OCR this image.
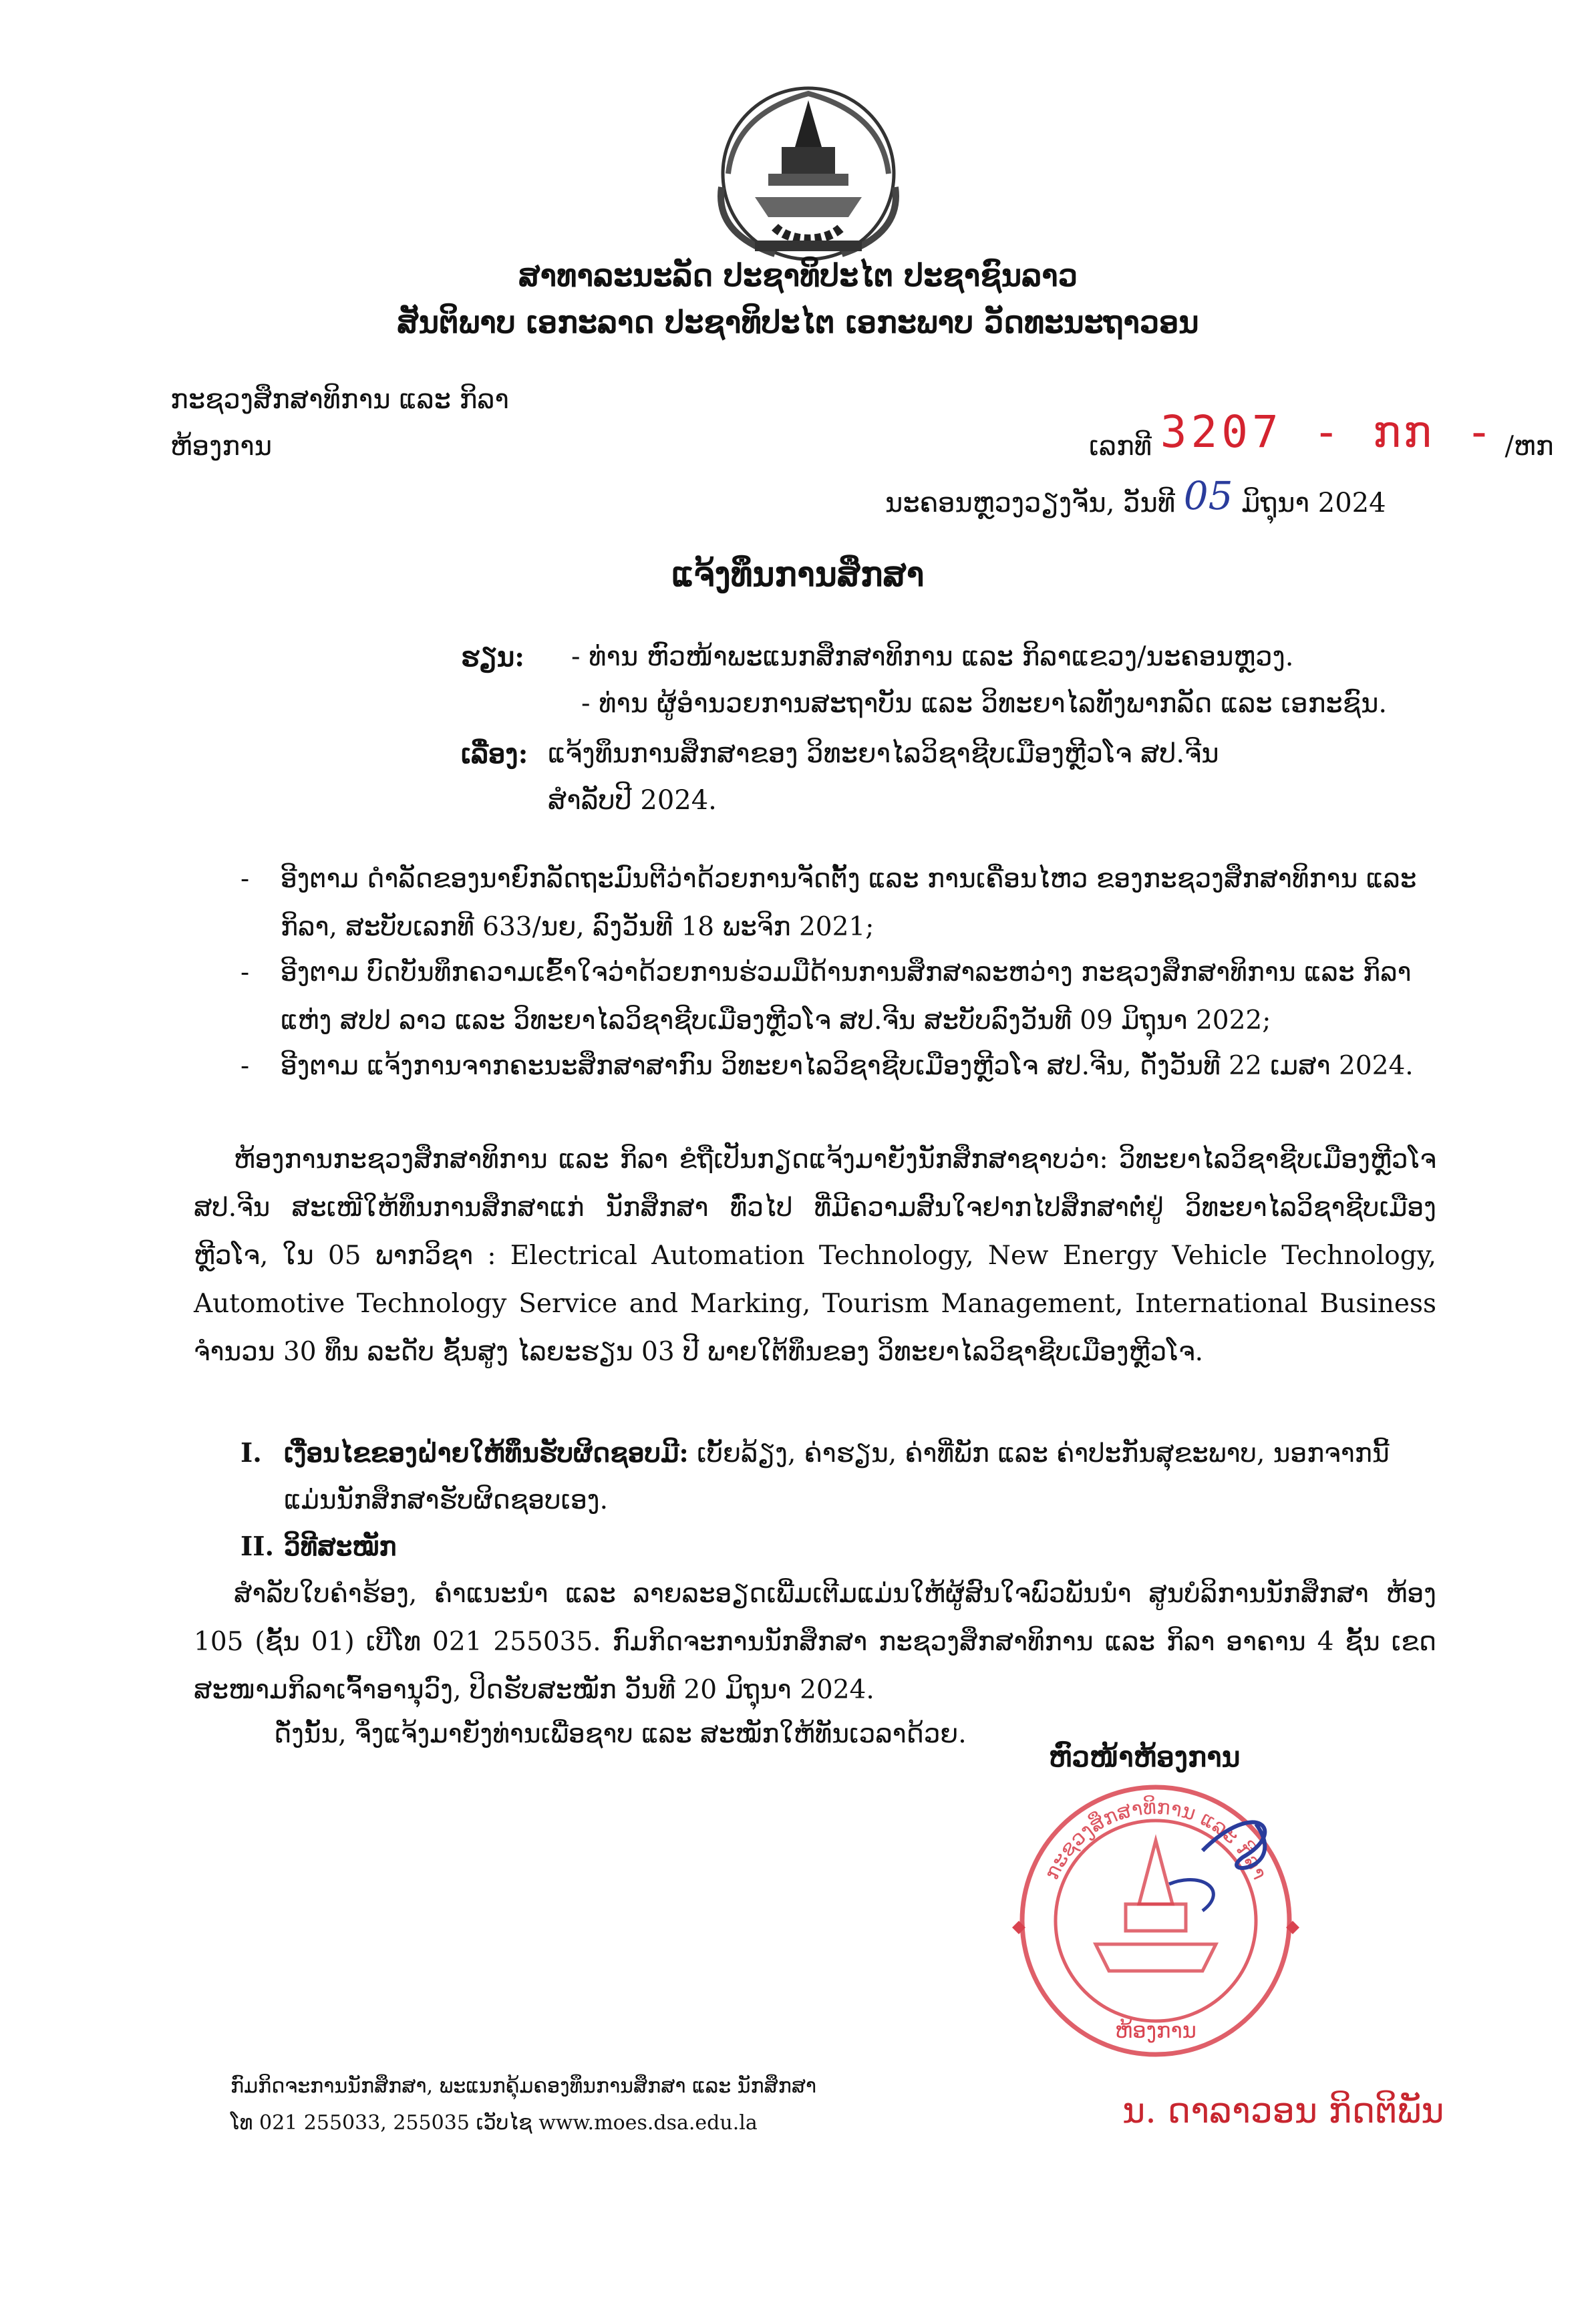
ສາທາລະນະລັດ ປະຊາທິປະໄຕ ປະຊາຊົນລາວ
ສັນຕິພາບ ເອກະລາດ ປະຊາທິປະໄຕ ເອກະພາບ ວັດທະນະຖາວອນ
ກະຊວງສຶກສາທິການ ແລະ ກິລາ
ຫ້ອງການ	ເລກທີ 3207 - ກກ - /ຫກ
ນະຄອນຫຼວງວຽງຈັນ, ວັນທີ 05 ມິຖຸນາ 2024
ແຈ້ງທຶນການສຶກສາ
ຮຽນ: - ທ່ານ ຫົວໜ້າພະແນກສຶກສາທິການ ແລະ ກິລາແຂວງ/ນະຄອນຫຼວງ.
- ທ່ານ ຜູ້ອຳນວຍການສະຖາບັນ ແລະ ວິທະຍາໄລທັງພາກລັດ ແລະ ເອກະຊົນ.
ເລື່ອງ: ແຈ້ງທຶນການສຶກສາຂອງ ວິທະຍາໄລວິຊາຊີບເມືອງຫຼີວໂຈ ສປ.ຈີນ
ສຳລັບປີ 2024.
-	ອີງຕາມ ດຳລັດຂອງນາຍົກລັດຖະມົນຕີວ່າດ້ວຍການຈັດຕັ້ງ ແລະ ການເຄື່ອນໄຫວ ຂອງກະຊວງສຶກສາທິການ ແລະ ກິລາ, ສະບັບເລກທີ 633/ນຍ, ລົງວັນທີ 18 ພະຈິກ 2021;
-	ອີງຕາມ ບົດບັນທຶກຄວາມເຂົ້າໃຈວ່າດ້ວຍການຮ່ວມມືດ້ານການສຶກສາລະຫວ່າງ ກະຊວງສຶກສາທິການ ແລະ ກິລາ ແຫ່ງ ສປປ ລາວ ແລະ ວິທະຍາໄລວິຊາຊີບເມືອງຫຼີວໂຈ ສປ.ຈີນ ສະບັບລົງວັນທີ 09 ມິຖຸນາ 2022;
-	ອີງຕາມ ແຈ້ງການຈາກຄະນະສຶກສາສາກົນ ວິທະຍາໄລວິຊາຊີບເມືອງຫຼີວໂຈ ສປ.ຈີນ, ດັ່ງວັນທີ 22 ເມສາ 2024.
ຫ້ອງການກະຊວງສຶກສາທິການ ແລະ ກິລາ ຂໍຖືເປັນກຽດແຈ້ງມາຍັງນັກສຶກສາຊາບວ່າ: ວິທະຍາໄລວິຊາຊີບເມືອງຫຼີວໂຈ ສປ.ຈີນ ສະເໜີໃຫ້ທຶນການສຶກສາແກ່ ນັກສຶກສາ ທົ່ວໄປ ທີ່ມີຄວາມສົນໃຈຢາກໄປສຶກສາຕໍ່ຢູ່ ວິທະຍາໄລວິຊາຊີບເມືອງຫຼີວໂຈ, ໃນ 05 ພາກວິຊາ : Electrical Automation Technology, New Energy Vehicle Technology, Automotive Technology Service and Marking, Tourism Management, International Business ຈຳນວນ 30 ທຶນ ລະດັບ ຊັ້ນສູງ ໄລຍະຮຽນ 03 ປີ ພາຍໃຕ້ທຶນຂອງ ວິທະຍາໄລວິຊາຊີບເມືອງຫຼີວໂຈ.
I. ເງື່ອນໄຂຂອງຝ່າຍໃຫ້ທຶນຮັບຜິດຊອບມີ: ເບັ້ຍລ້ຽງ, ຄ່າຮຽນ, ຄ່າທີ່ພັກ ແລະ ຄ່າປະກັນສຸຂະພາບ, ນອກຈາກນີ້ແມ່ນນັກສຶກສາຮັບຜິດຊອບເອງ.
II. ວິທີສະໝັກ
ສຳລັບໃບຄຳຮ້ອງ, ຄຳແນະນຳ ແລະ ລາຍລະອຽດເພີ່ມເຕີມແມ່ນໃຫ້ຜູ້ສົນໃຈພົວພັນນຳ ສູນບໍລິການນັກສຶກສາ ຫ້ອງ 105 (ຊັ້ນ 01) ເບີໂທ 021 255035. ກົມກິດຈະການນັກສຶກສາ ກະຊວງສຶກສາທິການ ແລະ ກິລາ ອາຄານ 4 ຊັ້ນ ເຂດສະໜາມກິລາເຈົ້າອານຸວົງ, ປິດຮັບສະໝັກ ວັນທີ 20 ມິຖຸນາ 2024.
ດັ່ງນັ້ນ, ຈຶ່ງແຈ້ງມາຍັງທ່ານເພື່ອຊາບ ແລະ ສະໝັກໃຫ້ທັນເວລາດ້ວຍ.
ຫົວໜ້າຫ້ອງການ
ກະຊວງສຶກສາທິການ ແລະ ກິລາ
ຫ້ອງການ
ກົມກິດຈະການນັກສຶກສາ, ພະແນກຄຸ້ມຄອງທຶນການສຶກສາ ແລະ ນັກສຶກສາ
ໂທ 021 255033, 255035 ເວັບໄຊ www.moes.dsa.edu.la	ນ. ດາລາວອນ ກິດຕິພັນ
